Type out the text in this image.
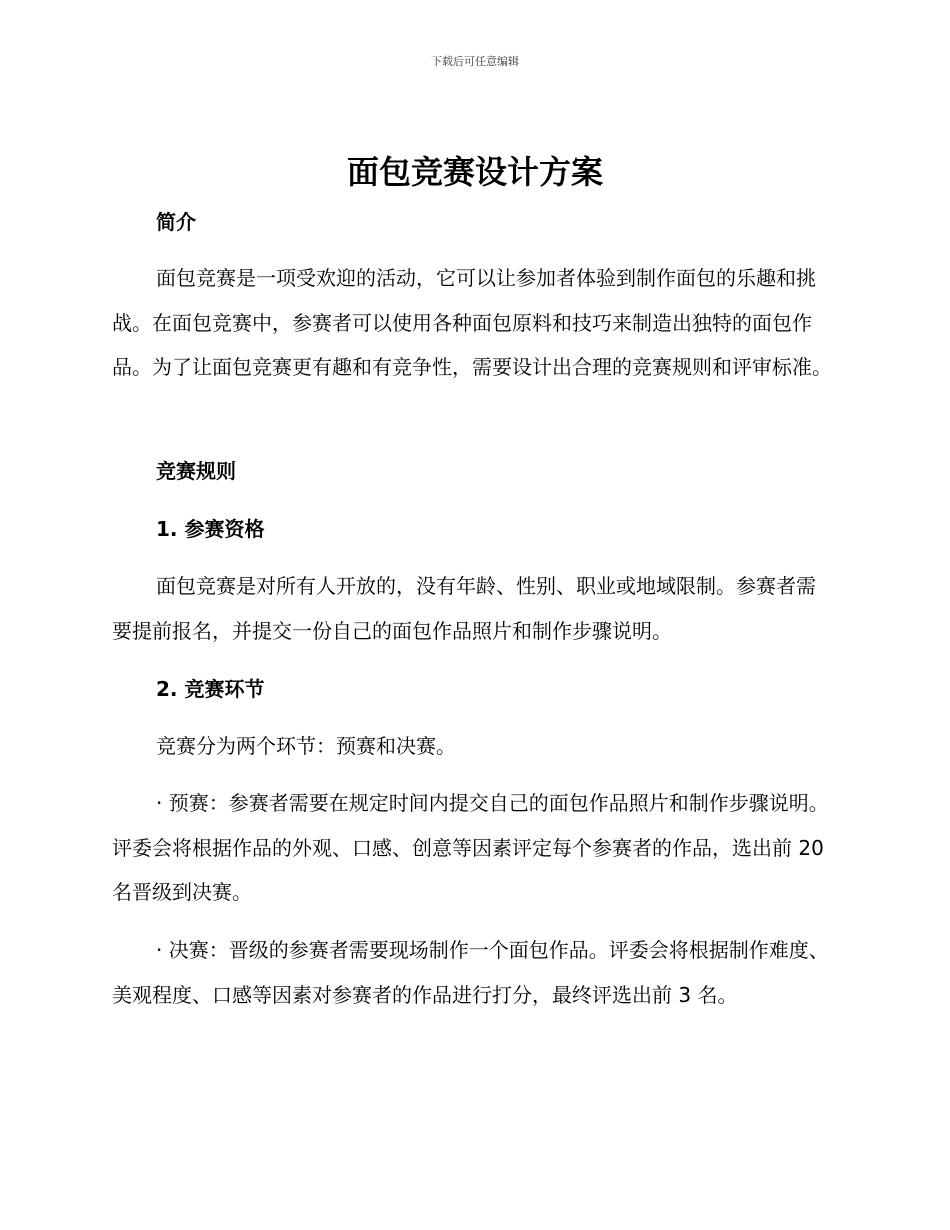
下载后可任意编辑
面包竞赛设计方案
简介

面包竞赛是一项受欢迎的活动，它可以让参加者体验到制作面包的乐趣和挑战。在面包竞赛中，参赛者可以使用各种面包原料和技巧来制造出独特的面包作品。为了让面包竞赛更有趣和有竞争性，需要设计出合理的竞赛规则和评审标准。

竞赛规则
1. 参赛资格

面包竞赛是对所有人开放的，没有年龄、性别、职业或地域限制。参赛者需要提前报名，并提交一份自己的面包作品照片和制作步骤说明。

2. 竞赛环节

竞赛分为两个环节：预赛和决赛。

· 预赛：参赛者需要在规定时间内提交自己的面包作品照片和制作步骤说明。评委会将根据作品的外观、口感、创意等因素评定每个参赛者的作品，选出前 20 名晋级到决赛。

· 决赛：晋级的参赛者需要现场制作一个面包作品。评委会将根据制作难度、美观程度、口感等因素对参赛者的作品进行打分，最终评选出前 3 名。
